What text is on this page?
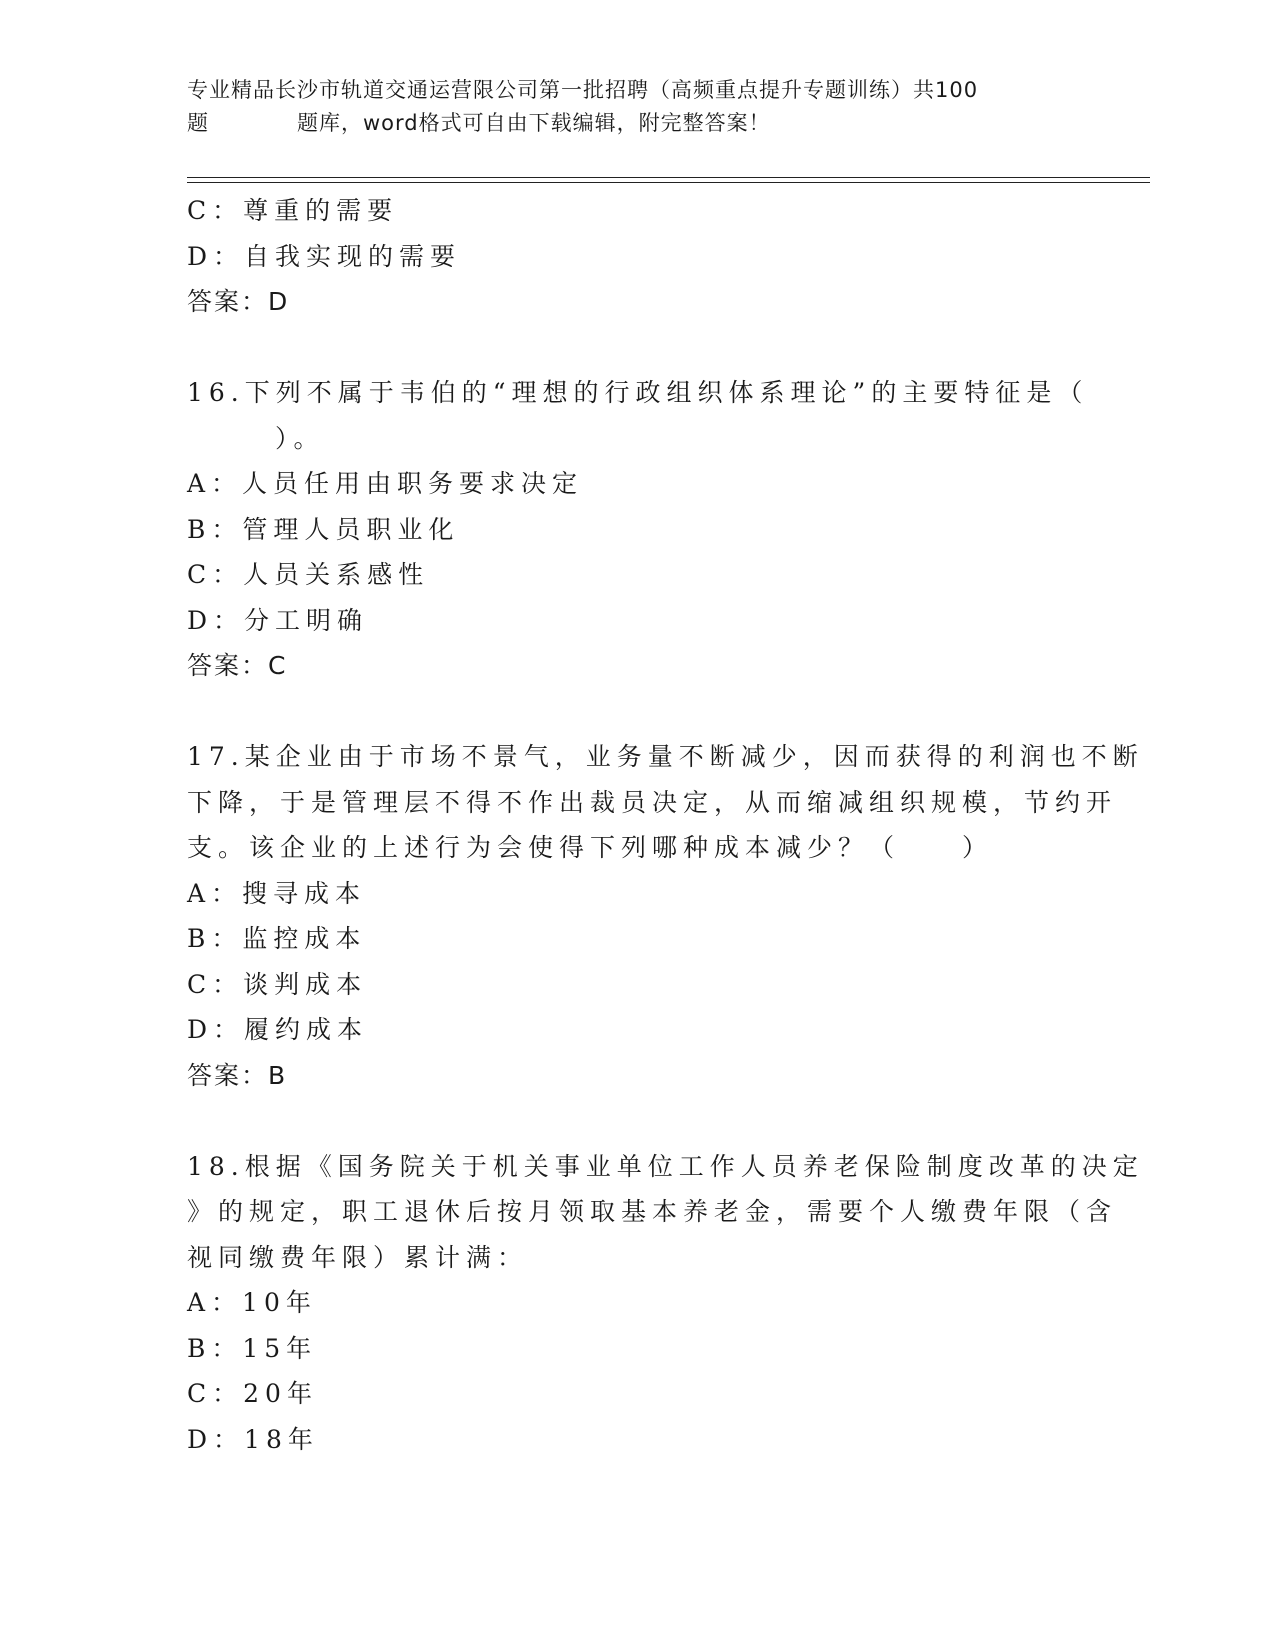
专业精品长沙市轨道交通运营限公司第一批招聘（高频重点提升专题训练）共100
题　　　　题库，word格式可自由下载编辑，附完整答案！
C：尊重的需要
D：自我实现的需要
答案：D
16.下列不属于韦伯的“理想的行政组织体系理论”的主要特征是（
）。
A：人员任用由职务要求决定
B：管理人员职业化
C：人员关系感性
D：分工明确
答案：C
17.某企业由于市场不景气，业务量不断减少，因而获得的利润也不断
下降，于是管理层不得不作出裁员决定，从而缩减组织规模，节约开
支。该企业的上述行为会使得下列哪种成本减少？（　　）
A：搜寻成本
B：监控成本
C：谈判成本
D：履约成本
答案：B
18.根据《国务院关于机关事业单位工作人员养老保险制度改革的决定
》的规定，职工退休后按月领取基本养老金，需要个人缴费年限（含
视同缴费年限）累计满：
A：10年
B：15年
C：20年
D：18年
